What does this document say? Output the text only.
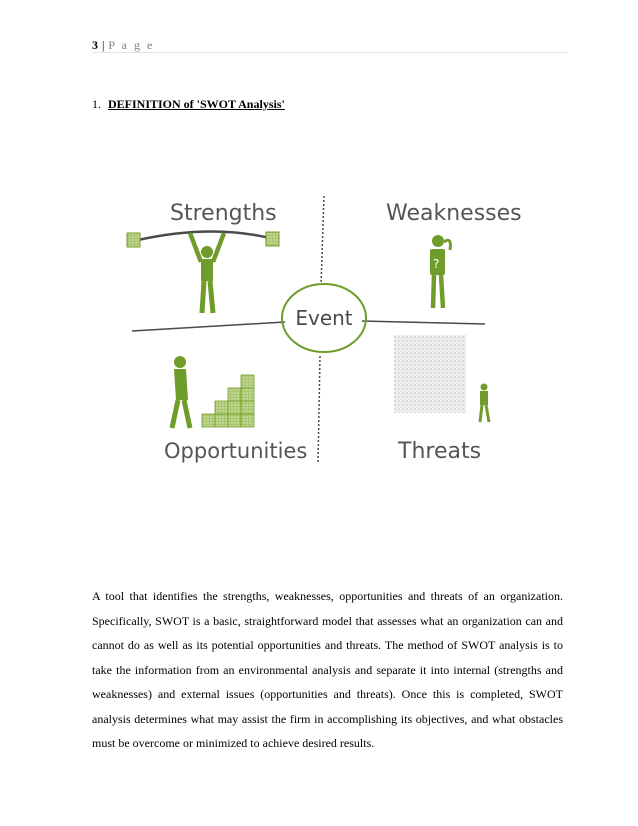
3 | P a g e
1. DEFINITION of 'SWOT Analysis'
Event
Strengths	Weaknesses
?
Opportunities	Threats

A tool that identifies the strengths, weaknesses, opportunities and threats of an organization. Specifically, SWOT is a basic, straightforward model that assesses what an organization can and cannot do as well as its potential opportunities and threats. The method of SWOT analysis is to take the information from an environmental analysis and separate it into internal (strengths and weaknesses) and external issues (opportunities and threats). Once this is completed, SWOT analysis determines what may assist the firm in accomplishing its objectives, and what obstacles must be overcome or minimized to achieve desired results.
